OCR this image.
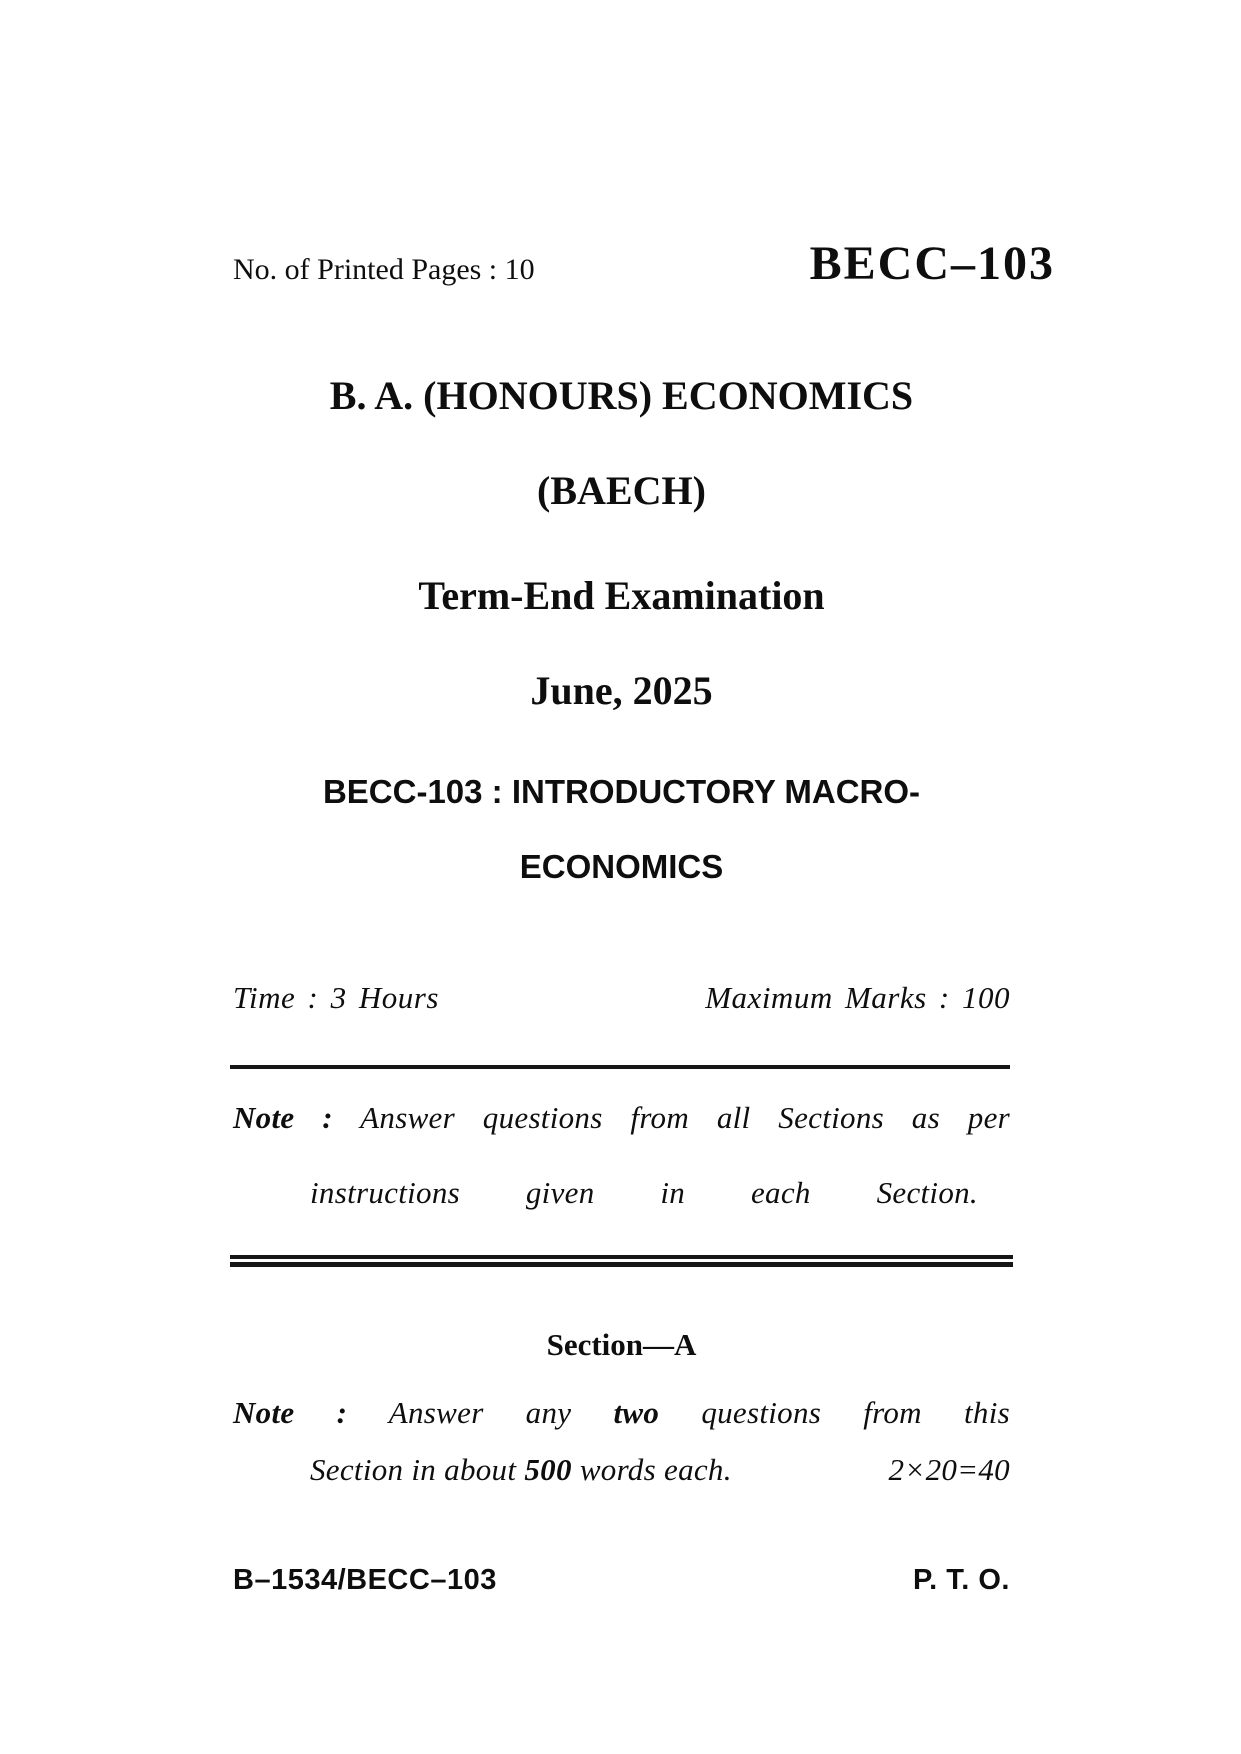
No. of Printed Pages : 10	BECC–103
B. A. (HONOURS) ECONOMICS
(BAECH)
Term-End Examination
June, 2025
BECC-103 : INTRODUCTORY MACRO-
ECONOMICS
Time : 3 Hours	Maximum Marks : 100
Note : Answer questions from all Sections as per
instructions given in each Section.
Section—A
Note : Answer any two questions from this
Section in about 500 words each.	2×20=40
B–1534/BECC–103	P. T. O.
